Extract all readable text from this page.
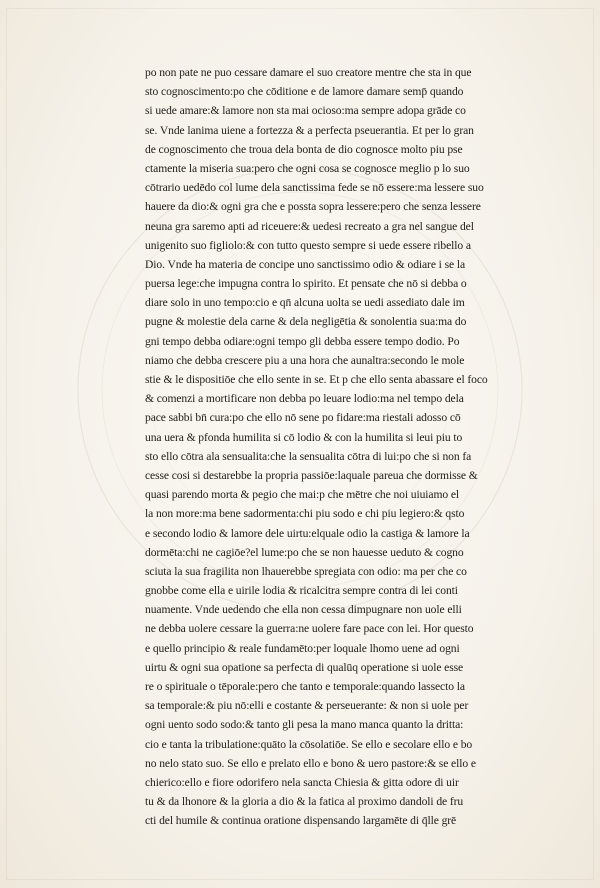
po non pate ne puo cessare damare el suo creatore mentre che sta in que
sto cognoscimento:po che cōditione e de lamore damare semp̄ quando
si uede amare:& lamore non sta mai ocioso:ma sempre adopa grāde co
se. Vnde lanima uiene a fortezza & a perfecta pseuerantia. Et per lo gran
de cognoscimento che troua dela bonta de dio cognosce molto piu pse
ctamente la miseria sua:pero che ogni cosa se cognosce meglio p lo suo
cōtrario uedēdo col lume dela sanctissima fede se nō essere:ma lessere suo
hauere da dio:& ogni gra che e possta sopra lessere:pero che senza lessere
neuna gra saremo apti ad riceuere:& uedesi recreato a gra nel sangue del
unigenito suo figliolo:& con tutto questo sempre si uede essere ribello a
Dio. Vnde ha materia de concipe uno sanctissimo odio & odiare i se la
puersa lege:che impugna contra lo spirito. Et pensate che nō si debba o
diare solo in uno tempo:cio e qn̄ alcuna uolta se uedi assediato dale im
pugne & molestie dela carne & dela negligētia & sonolentia sua:ma do
gni tempo debba odiare:ogni tempo gli debba essere tempo dodio. Po
niamo che debba crescere piu a una hora che aunaltra:secondo le mole
stie & le dispositiōe che ello sente in se. Et p che ello senta abassare el foco
& comenzi a mortificare non debba po leuare lodio:ma nel tempo dela
pace sabbi bn̄ cura:po che ello nō sene po fidare:ma riestali adosso cō
una uera & pfonda humilita si cō lodio & con la humilita si leui piu to
sto ello cōtra ala sensualita:che la sensualita cōtra di lui:po che si non fa
cesse cosi si destarebbe la propria passiōe:laquale pareua che dormisse &
quasi parendo morta & pegio che mai:p che mētre che noi uiuiamo el
la non more:ma bene sadormenta:chi piu sodo e chi piu legiero:& qsto
e secondo lodio & lamore dele uirtu:elquale odio la castiga & lamore la
dormēta:chi ne cagiōe?el lume:po che se non hauesse ueduto & cogno
sciuta la sua fragilita non lhauerebbe spregiata con odio: ma per che co
gnobbe come ella e uirile lodia & ricalcitra sempre contra di lei conti
nuamente. Vnde uedendo che ella non cessa dimpugnare non uole elli
ne debba uolere cessare la guerra:ne uolere fare pace con lei. Hor questo
e quello principio & reale fundamēto:per loquale lhomo uene ad ogni
uirtu & ogni sua opatione sa perfecta di qualūq operatione si uole esse
re o spirituale o tēporale:pero che tanto e temporale:quando lassecto la
sa temporale:& piu nō:elli e costante & perseuerante: & non si uole per
ogni uento sodo sodo:& tanto gli pesa la mano manca quanto la dritta:
cio e tanta la tribulatione:quāto la cōsolatiōe. Se ello e secolare ello e bo
no nelo stato suo. Se ello e prelato ello e bono & uero pastore:& se ello e
chierico:ello e fiore odorifero nela sancta Chiesia & gitta odore di uir
tu & da lhonore & la gloria a dio & la fatica al proximo dandoli de fru
cti del humile & continua oratione dispensando largamēte di q̄lle grē
